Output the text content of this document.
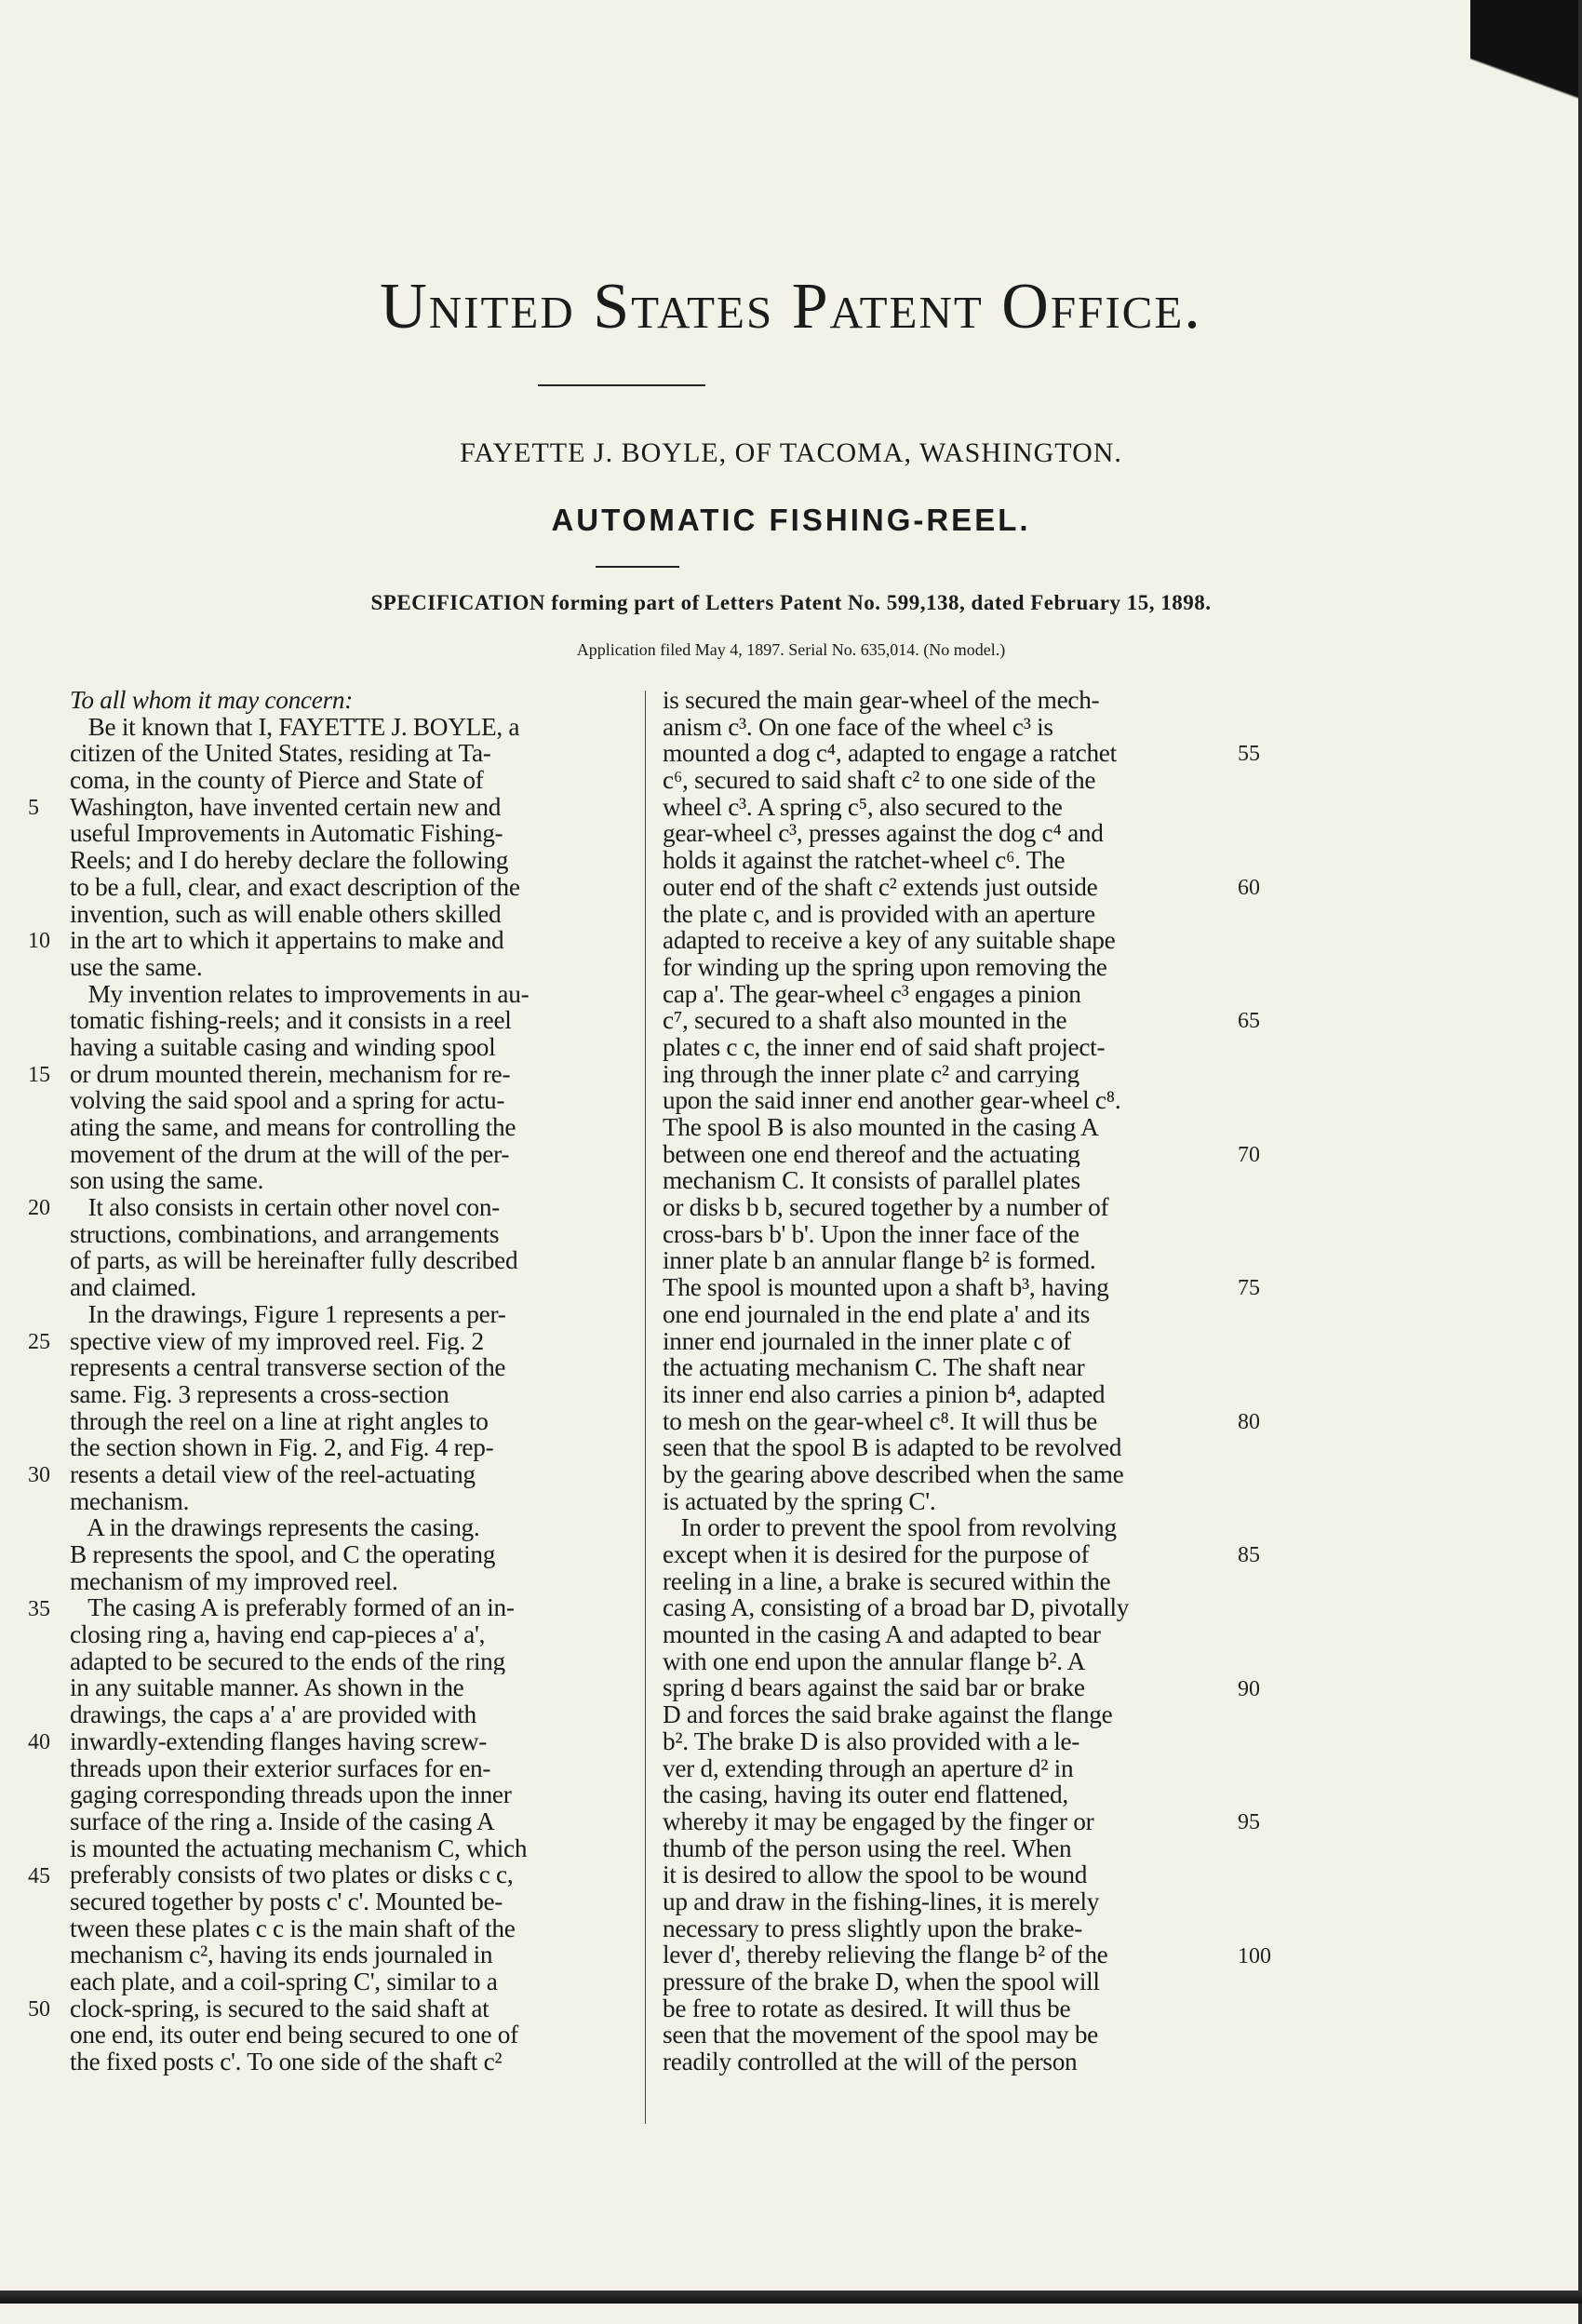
United States Patent Office.
FAYETTE J. BOYLE, OF TACOMA, WASHINGTON.
AUTOMATIC FISHING-REEL.
SPECIFICATION forming part of Letters Patent No. 599,138, dated February 15, 1898.
Application filed May 4, 1897. Serial No. 635,014. (No model.)
To all whom it may concern:
Be it known that I, FAYETTE J. BOYLE, a
citizen of the United States, residing at Ta-
coma, in the county of Pierce and State of
Washington, have invented certain new and
useful Improvements in Automatic Fishing-
Reels; and I do hereby declare the following
to be a full, clear, and exact description of the
invention, such as will enable others skilled
in the art to which it appertains to make and
use the same.
My invention relates to improvements in au-
tomatic fishing-reels; and it consists in a reel
having a suitable casing and winding spool
or drum mounted therein, mechanism for re-
volving the said spool and a spring for actu-
ating the same, and means for controlling the
movement of the drum at the will of the per-
son using the same.
It also consists in certain other novel con-
structions, combinations, and arrangements
of parts, as will be hereinafter fully described
and claimed.
In the drawings, Figure 1 represents a per-
spective view of my improved reel. Fig. 2
represents a central transverse section of the
same. Fig. 3 represents a cross-section
through the reel on a line at right angles to
the section shown in Fig. 2, and Fig. 4 rep-
resents a detail view of the reel-actuating
mechanism.
A in the drawings represents the casing.
B represents the spool, and C the operating
mechanism of my improved reel.
The casing A is preferably formed of an in-
closing ring a, having end cap-pieces a' a',
adapted to be secured to the ends of the ring
in any suitable manner. As shown in the
drawings, the caps a' a' are provided with
inwardly-extending flanges having screw-
threads upon their exterior surfaces for en-
gaging corresponding threads upon the inner
surface of the ring a. Inside of the casing A
is mounted the actuating mechanism C, which
preferably consists of two plates or disks c c,
secured together by posts c' c'. Mounted be-
tween these plates c c is the main shaft of the
mechanism c², having its ends journaled in
each plate, and a coil-spring C', similar to a
clock-spring, is secured to the said shaft at
one end, its outer end being secured to one of
the fixed posts c'. To one side of the shaft c²
is secured the main gear-wheel of the mech-
anism c³. On one face of the wheel c³ is
mounted a dog c⁴, adapted to engage a ratchet
c⁶, secured to said shaft c² to one side of the
wheel c³. A spring c⁵, also secured to the
gear-wheel c³, presses against the dog c⁴ and
holds it against the ratchet-wheel c⁶. The
outer end of the shaft c² extends just outside
the plate c, and is provided with an aperture
adapted to receive a key of any suitable shape
for winding up the spring upon removing the
cap a'. The gear-wheel c³ engages a pinion
c⁷, secured to a shaft also mounted in the
plates c c, the inner end of said shaft project-
ing through the inner plate c² and carrying
upon the said inner end another gear-wheel c⁸.
The spool B is also mounted in the casing A
between one end thereof and the actuating
mechanism C. It consists of parallel plates
or disks b b, secured together by a number of
cross-bars b' b'. Upon the inner face of the
inner plate b an annular flange b² is formed.
The spool is mounted upon a shaft b³, having
one end journaled in the end plate a' and its
inner end journaled in the inner plate c of
the actuating mechanism C. The shaft near
its inner end also carries a pinion b⁴, adapted
to mesh on the gear-wheel c⁸. It will thus be
seen that the spool B is adapted to be revolved
by the gearing above described when the same
is actuated by the spring C'.
In order to prevent the spool from revolving
except when it is desired for the purpose of
reeling in a line, a brake is secured within the
casing A, consisting of a broad bar D, pivotally
mounted in the casing A and adapted to bear
with one end upon the annular flange b². A
spring d bears against the said bar or brake
D and forces the said brake against the flange
b². The brake D is also provided with a le-
ver d, extending through an aperture d² in
the casing, having its outer end flattened,
whereby it may be engaged by the finger or
thumb of the person using the reel. When
it is desired to allow the spool to be wound
up and draw in the fishing-lines, it is merely
necessary to press slightly upon the brake-
lever d', thereby relieving the flange b² of the
pressure of the brake D, when the spool will
be free to rotate as desired. It will thus be
seen that the movement of the spool may be
readily controlled at the will of the person
5
10
15
20
25
30
35
40
45
50
55
60
65
70
75
80
85
90
95
100
